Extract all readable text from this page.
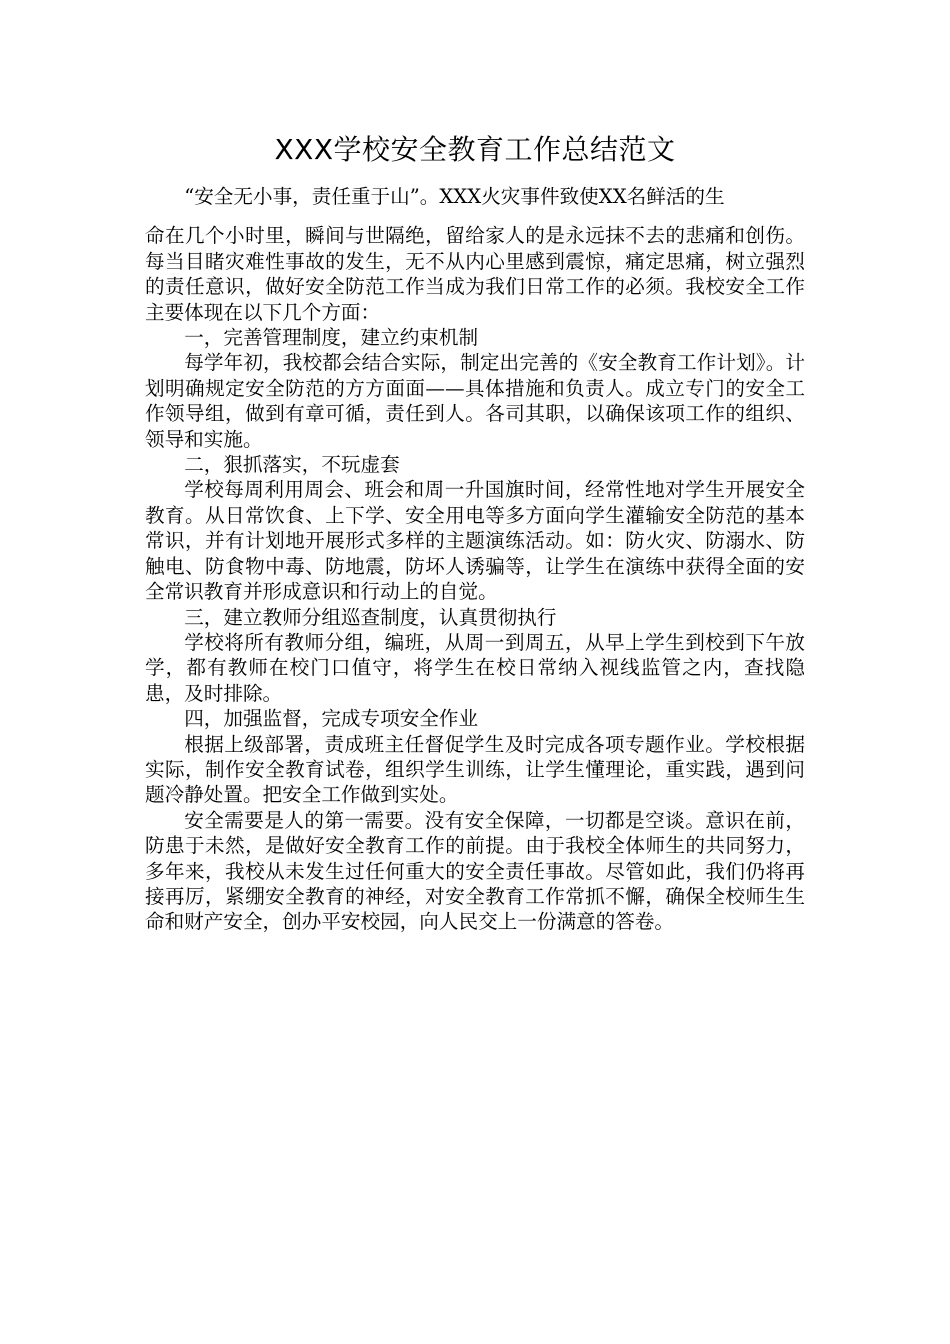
XXX学校安全教育工作总结范文

“安全无小事，责任重于山”。XXX火灾事件致使XX名鲜活的生

命在几个小时里，瞬间与世隔绝，留给家人的是永远抹不去的悲痛和创伤。每当目睹灾难性事故的发生，无不从内心里感到震惊，痛定思痛，树立强烈的责任意识，做好安全防范工作当成为我们日常工作的必须。我校安全工作主要体现在以下几个方面：

一，完善管理制度，建立约束机制

每学年初，我校都会结合实际，制定出完善的《安全教育工作计划》。计划明确规定安全防范的方方面面——具体措施和负责人。成立专门的安全工作领导组，做到有章可循，责任到人。各司其职，以确保该项工作的组织、领导和实施。

二，狠抓落实，不玩虚套

学校每周利用周会、班会和周一升国旗时间，经常性地对学生开展安全教育。从日常饮食、上下学、安全用电等多方面向学生灌输安全防范的基本常识，并有计划地开展形式多样的主题演练活动。如：防火灾、防溺水、防触电、防食物中毒、防地震，防坏人诱骗等，让学生在演练中获得全面的安全常识教育并形成意识和行动上的自觉。

三，建立教师分组巡查制度，认真贯彻执行

学校将所有教师分组，编班，从周一到周五，从早上学生到校到下午放学，都有教师在校门口值守，将学生在校日常纳入视线监管之内，查找隐患，及时排除。

四，加强监督，完成专项安全作业

根据上级部署，责成班主任督促学生及时完成各项专题作业。学校根据实际，制作安全教育试卷，组织学生训练，让学生懂理论，重实践，遇到问题冷静处置。把安全工作做到实处。

安全需要是人的第一需要。没有安全保障，一切都是空谈。意识在前，防患于未然，是做好安全教育工作的前提。由于我校全体师生的共同努力，多年来，我校从未发生过任何重大的安全责任事故。尽管如此，我们仍将再接再厉，紧绷安全教育的神经，对安全教育工作常抓不懈，确保全校师生生命和财产安全，创办平安校园，向人民交上一份满意的答卷。
